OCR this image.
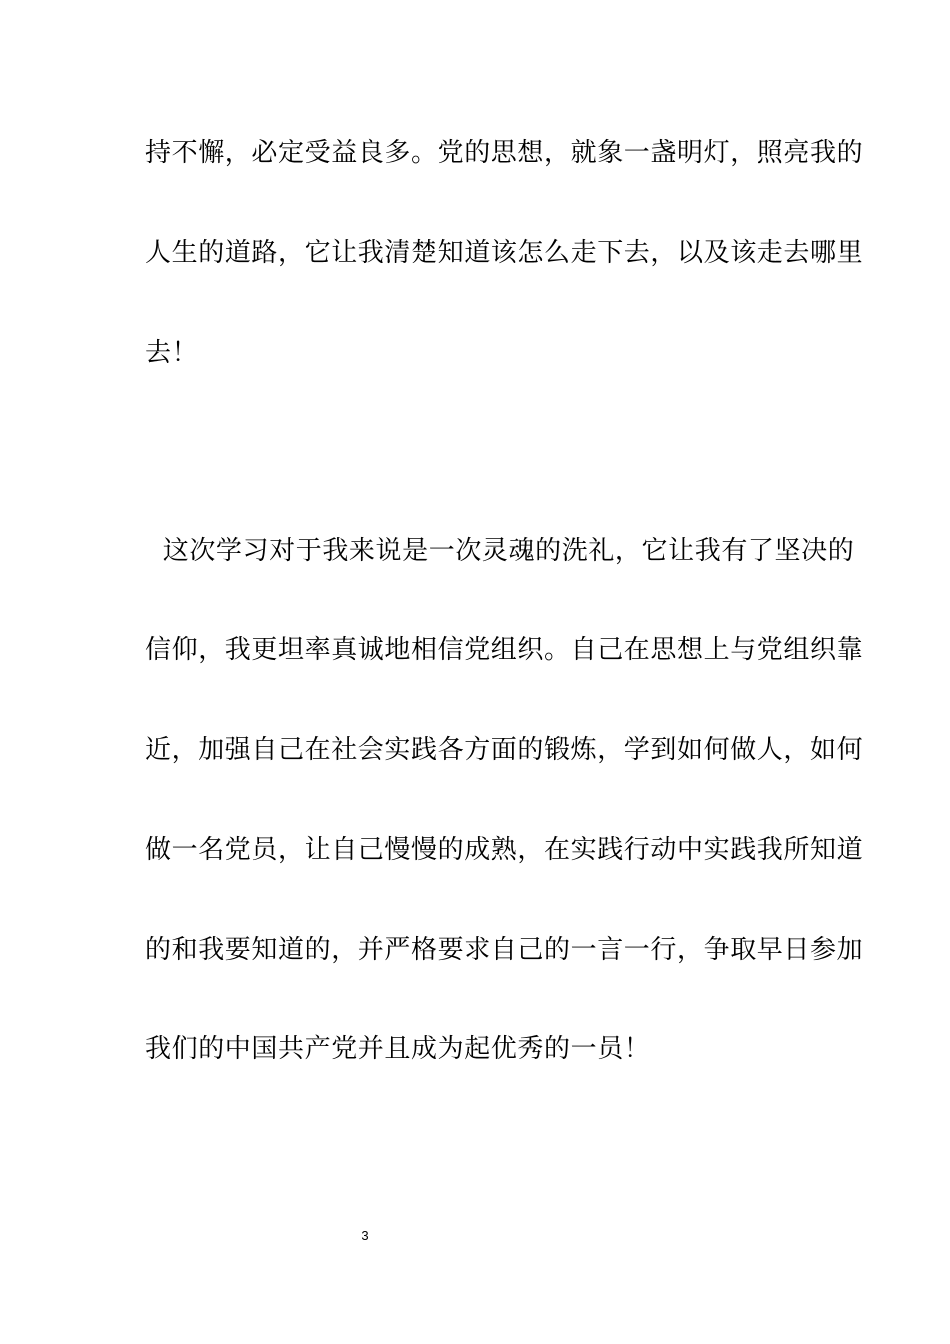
持不懈，必定受益良多。党的思想，就象一盏明灯，照亮我的
人生的道路，它让我清楚知道该怎么走下去，以及该走去哪里
去！
这次学习对于我来说是一次灵魂的洗礼，它让我有了坚决的
信仰，我更坦率真诚地相信党组织。自己在思想上与党组织靠
近，加强自己在社会实践各方面的锻炼，学到如何做人，如何
做一名党员，让自己慢慢的成熟，在实践行动中实践我所知道
的和我要知道的，并严格要求自己的一言一行，争取早日参加
我们的中国共产党并且成为起优秀的一员！
3
